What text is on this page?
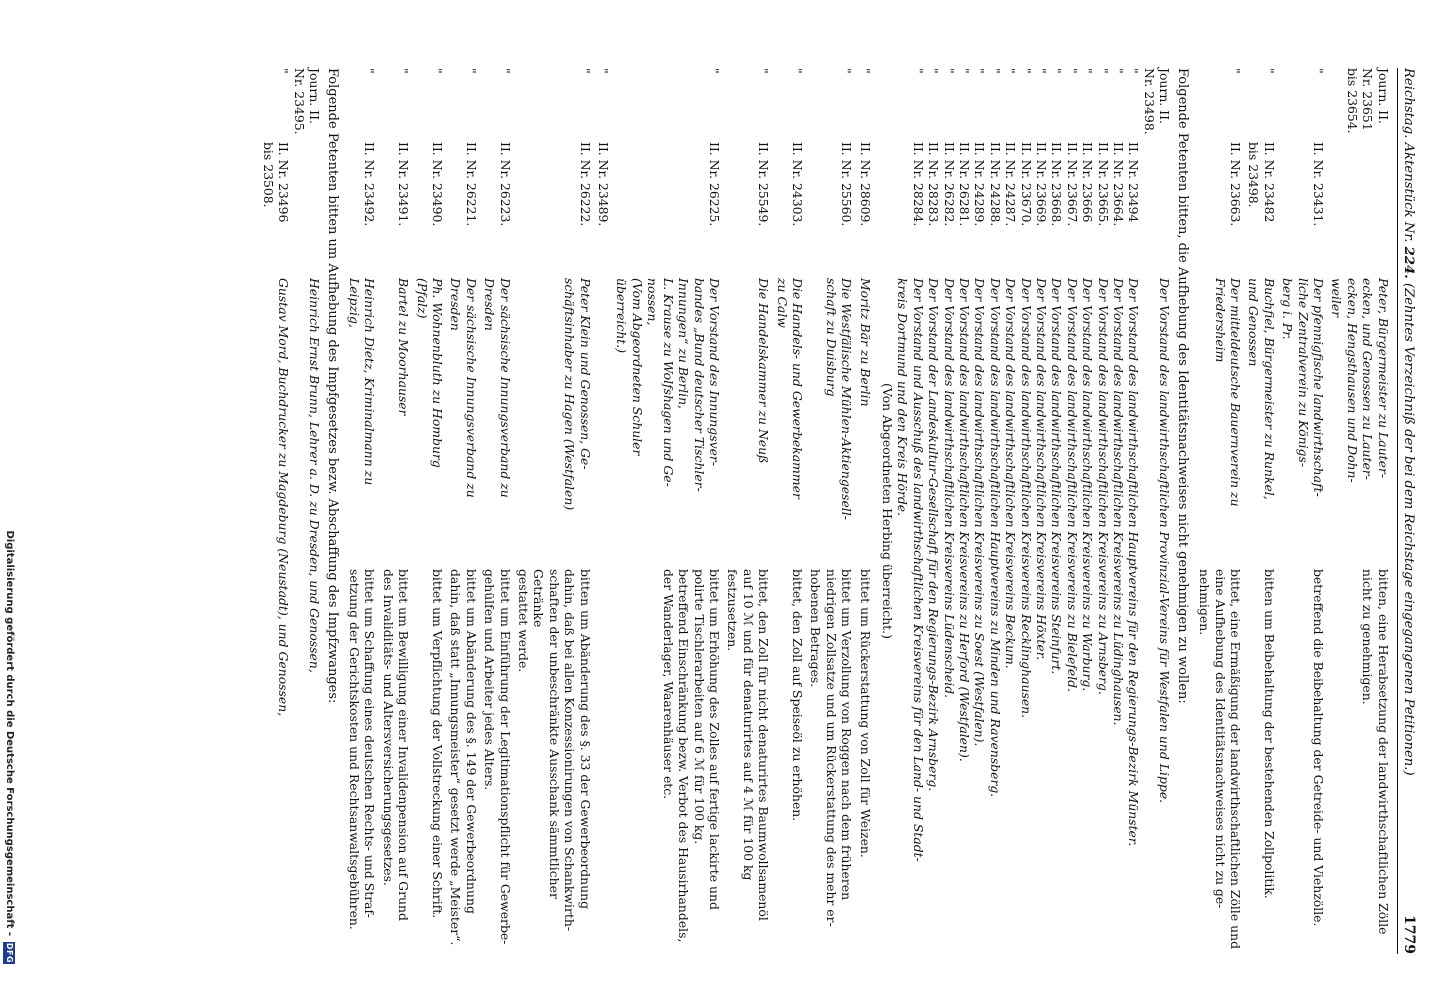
Reichstag. Aktenstück Nr. 224. (Zehntes Verzeichniß der bei dem Reichstage eingegangenen Petitionen.)
1779
Journ. II. Nr. 23651
bis 23654.
Peter, Bürgermeister zu Lauter-
ecken, und Genossen zu Lauter-
ecken, Hengsthausen und Dohn-
weiler
bitten, eine Herabsetzung der landwirthschaftlichen Zölle
nicht zu genehmigen.
"
II. Nr. 23431.
Der pfennigfische landwirthschaft-
liche Zentralverein zu Königs-
berg i. Pr.
betreffend die Beibehaltung der Getreide- und Viehzölle.
"
II. Nr. 23482
bis 23498.
Buchfiel, Bürgermeister zu Runkel,
und Genossen
bitten um Beibehaltung der bestehenden Zollpolitik.
"
II. Nr. 23663.
Der mitteldeutsche Bauernverein zu
Friedersheim
bittet, eine Ermäßigung der landwirthschaftlichen Zölle und
eine Aufhebung des Identitätsnachweises nicht zu ge-
nehmigen.
Folgende Petenten bitten, die Aufhebung des Identitätsnachweises nicht genehmigen zu wollen:
Journ. II. Nr. 23498.
Der Vorstand des landwirthschaftlichen Provinzial-Vereins für Westfalen und Lippe.
"
II. Nr. 23494
Der Vorstand des landwirthschaftlichen Hauptvereins für den Regierungs-Bezirk Münster.
"
II. Nr. 23664.
Der Vorstand des landwirthschaftlichen Kreisvereins zu Lüdinghausen.
"
II. Nr. 23665.
Der Vorstand des landwirthschaftlichen Kreisvereins zu Arnsberg.
"
II. Nr. 23666
Der Vorstand des landwirthschaftlichen Kreisvereins zu Warburg.
"
II. Nr. 23667.
Der Vorstand des landwirthschaftlichen Kreisvereins zu Bielefeld.
"
II. Nr. 23668.
Der Vorstand des landwirthschaftlichen Kreisvereins Steinfurt.
"
II. Nr. 23669.
Der Vorstand des landwirthschaftlichen Kreisvereins Höxter.
"
II. Nr. 23670.
Der Vorstand des landwirthschaftlichen Kreisvereins Recklinghausen.
"
II. Nr. 24287.
Der Vorstand des landwirthschaftlichen Kreisvereins Beckum.
"
II. Nr. 24288.
Der Vorstand des landwirthschaftlichen Hauptvereins zu Minden und Ravensberg.
"
II. Nr. 24289.
Der Vorstand des landwirthschaftlichen Kreisvereins zu Soest (Westfalen).
"
II. Nr. 26281.
Der Vorstand des landwirthschaftlichen Kreisvereins zu Herford (Westfalen).
"
II. Nr. 26282.
Der Vorstand des landwirthschaftlichen Kreisvereins Lüdenscheid.
"
II. Nr. 28283.
Der Vorstand der Landeskultur-Gesellschaft für den Regierungs-Bezirk Arnsberg.
"
II. Nr. 28284.
Der Vorstand und Ausschuß des landwirthschaftlichen Kreisvereins für den Land- und Stadt-
kreis Dortmund und den Kreis Hörde.
(Von Abgeordneten Herbing überreicht.)
"
II. Nr. 28609.
Moritz Bär zu Berlin
bittet um Rückerstattung von Zoll für Weizen.
"
II. Nr. 25560.
Die Westfälische Mühlen-Aktiengesell-
schaft zu Duisburg
bittet um Verzollung von Roggen nach dem früheren
niedrigen Zollsatze und um Rückerstattung des mehr er-
hobenen Betrages.
"
II. Nr. 24303.
Die Handels- und Gewerbekammer
zu Calw
bittet, den Zoll auf Speiseöl zu erhöhen.
"
II. Nr. 25549.
Die Handelskammer zu Neuß
bittet, den Zoll für nicht denaturirtes Baumwollsamenöl
auf 10 ℳ und für denaturirtes auf 4 ℳ für 100 kg
festzusetzen.
"
II. Nr. 26225.
Der Vorstand des Innungsver-
bandes „Bund deutscher Tischler-
Innungen“ zu Berlin,
L. Krause zu Wolfshagen und Ge-
nossen,
(Vom Abgeordneten Schuler
überreicht.)
bittet um Erhöhung des Zolles auf fertige lackirte und
polirte Tischlerarbeiten auf 6 ℳ für 100 kg.
betreffend Einschränkung bezw. Verbot des Hausirhandels,
der Wanderlager, Waarenhäuser etc.
"
II. Nr. 23489.
"
II. Nr. 26222.
Peter Klein und Genossen, Ge-
schäftsinhaber zu Hagen (Westfalen)
bitten um Abänderung des §. 33 der Gewerbeordnung
dahin, daß bei allen Konzessionirungen von Schankwirth-
schaften der unbeschränkte Ausschank sämmtlicher Getränke
gestattet werde.
"
II. Nr. 26223.
Der sächsische Innungsverband zu
Dresden
bittet um Einführung der Legitimationspflicht für Gewerbe-
gehülfen und Arbeiter jedes Alters.
"
II. Nr. 26221.
Der sächsische Innungsverband zu
Dresden
bittet um Abänderung des §. 149 der Gewerbeordnung
dahin, daß statt „Innungsmeister“ gesetzt werde „Meister“.
"
II. Nr. 23490.
Ph. Wohnenbluth zu Homburg
(Pfalz)
bittet um Verpflichtung der Vollstreckung einer Schrift.
"
II. Nr. 23491.
Bartel zu Moorhauser
bittet um Bewilligung einer Invalidenpension auf Grund
des Invaliditäts- und Altersversicherungsgesetzes.
"
II. Nr. 23492.
Heinrich Dietz, Kriminalmann zu
Leipzig,
bittet um Schaffung eines deutschen Rechts- und Straf-
setzung der Gerichtskosten und Rechtsanwaltsgebühren.
Folgende Petenten bitten um Aufhebung des Impfgesetzes bezw. Abschaffung des Impfzwanges:
Journ. II. Nr. 23495.
Heinrich Ernst Brunn, Lehrer a. D. zu Dresden, und Genossen,
"
II. Nr. 23496
bis 23508.
Gustav Mord, Buchdrucker zu Magdeburg (Neustadt), und Genossen,
Digitalisierung gefördert durch die Deutsche Forschungsgemeinschaft -
DFG
